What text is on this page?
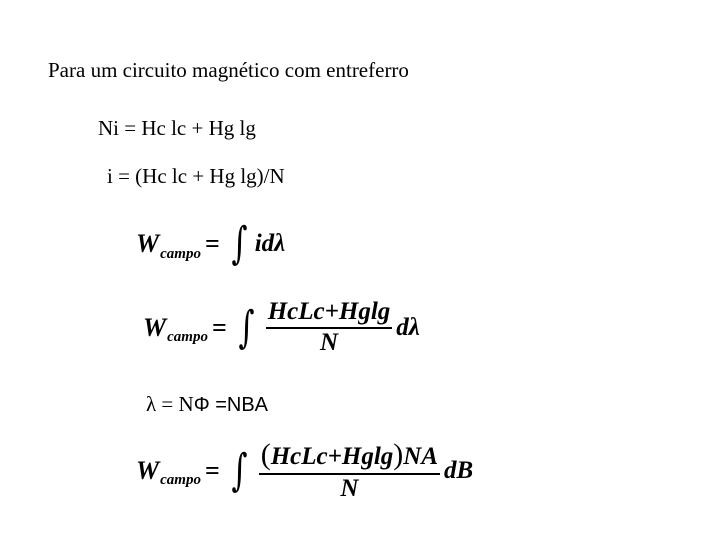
Para um circuito magnético com entreferro
Ni = Hc lc + Hg lg
i = (Hc lc + Hg lg)/N
W campo = ∫ idλ
W campo = ∫ $\frac{\text{HcLc+Hglg}}{N}$ dλ
λ = NΦ =NBA
W campo = ∫ $\frac{\text{(HcLc+Hglg)NA}}{N}$ dB
